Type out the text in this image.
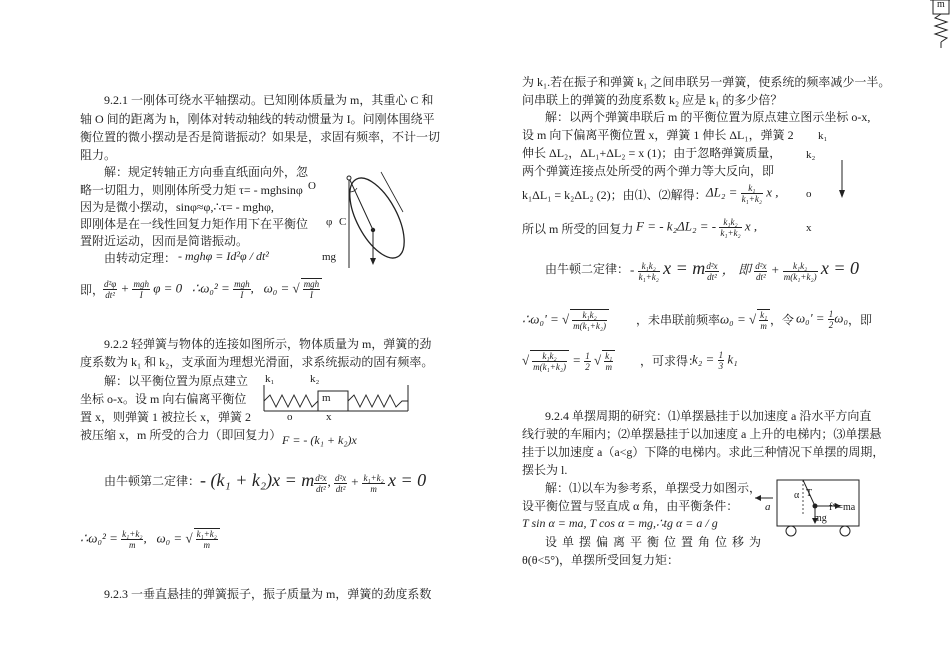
m
9.2.1 一刚体可绕水平轴摆动。已知刚体质量为 m，其重心 C 和
轴 O 间的距离为 h，刚体对转动轴线的转动惯量为 I。问刚体围绕平
衡位置的微小摆动是否是简谐振动？如果是，求固有频率，不计一切
阻力。
解：规定转轴正方向垂直纸面向外，忽
略一切阻力，则刚体所受力矩 τ= - mghsinφ
因为是微小摆动，sinφ≈φ,∴τ= - mghφ,
即刚体是在一线性回复力矩作用下在平衡位
置附近运动，因而是简谐振动。
由转动定理： - mghφ = Id²φ / dt²
O
φ C
mg
即，
$\frac{\text{d²φ}}{\text{dt²}} + \frac{\text{mgh}}{I}$ φ = 0   ∴ω₀² = $\frac{\text{mgh}}{I}$ ,   ω₀ = √ $\frac{\text{mgh}}{I}$
9.2.2 轻弹簧与物体的连接如图所示，物体质量为 m，弹簧的劲
度系数为 k₁ 和 k₂，支承面为理想光滑面，求系统振动的固有频率。
解：以平衡位置为原点建立
坐标 o-x。设 m 向右偏离平衡位
置 x，则弹簧 1 被拉长 x，弹簧 2
被压缩 x，m 所受的合力（即回复力） F = - (k₁ + k₂)x
k₁	k₂
m
o	x
由牛顿第二定律： - (k₁ + k₂)x = m $\frac{\text{d²x}}{\text{dt²}}$ , $\frac{\text{d²x}}{\text{dt²}} + \frac{\text{k₁+k₂}}{m}$ x = 0
∴ω₀² = $\frac{\text{k₁+k₂}}{m}$ ,   ω₀ = √ $\frac{\text{k₁+k₂}}{m}$
9.2.3 一垂直悬挂的弹簧振子，振子质量为 m，弹簧的劲度系数
为 k₁.若在振子和弹簧 k₁ 之间串联另一弹簧，使系统的频率减少一半。
问串联上的弹簧的劲度系数 k₂ 应是 k₁ 的多少倍？
解：以两个弹簧串联后 m 的平衡位置为原点建立图示坐标 o-x,
设 m 向下偏离平衡位置 x，弹簧 1 伸长 ΔL₁，弹簧 2
伸长 ΔL₂，ΔL₁+ΔL₂ = x (1)；由于忽略弹簧质量，
两个弹簧连接点处所受的两个弹力等大反向，即
k₁ΔL₁ = k₂ΔL₂ (2)；由⑴、⑵解得： $\Delta L_2 = \frac{\text{k₁}}{\text{k₁+k₂}}$ x ,
k₁
k₂
o
所以 m 所受的回复力 F = - k₂ΔL₂ = - $\frac{\text{k₁k₂}}{\text{k₁+k₂}}$ x ,	x
由牛顿二定律： - $\frac{\text{k₁k₂}}{\text{k₁+k₂}}$ x = m $\frac{\text{d²x}}{\text{dt²}}$ ， 即 $\frac{\text{d²x}}{\text{dt²}} + \frac{\text{k₁k₂}}{\text{m(k₁+k₂)}}$ x = 0
∴ω₀' = √ $\frac{\text{k₁k₂}}{\text{m(k₁+k₂)}}$ ，未串联前频率 ω₀ = √ $\frac{\text{k₁}}{m}$ ，令 $\omega_0' = \frac{1}{2} \omega_0$ ，即
√ $\frac{\text{k₁k₂}}{\text{m(k₁+k₂)}} = \frac{1}{2}$ √ $\frac{\text{k₁}}{m}$ ，可求得：
$k_2 = \frac{1}{3} k_1$
9.2.4 单摆周期的研究：⑴单摆悬挂于以加速度 a 沿水平方向直
线行驶的车厢内；⑵单摆悬挂于以加速度 a 上升的电梯内；⑶单摆悬
挂于以加速度 a（a<g）下降的电梯内。求此三种情况下单摆的周期，
摆长为 l.
解：⑴以车为参考系，单摆受力如图示，
设平衡位置与竖直成 α 角，由平衡条件：
T sin α = ma, T cos α = mg,∴tg α = a / g
设 单 摆 偏 离 平 衡 位 置 角 位 移 为
θ(θ<5°)，单摆所受回复力矩：
a
α T
f*=ma
mg
